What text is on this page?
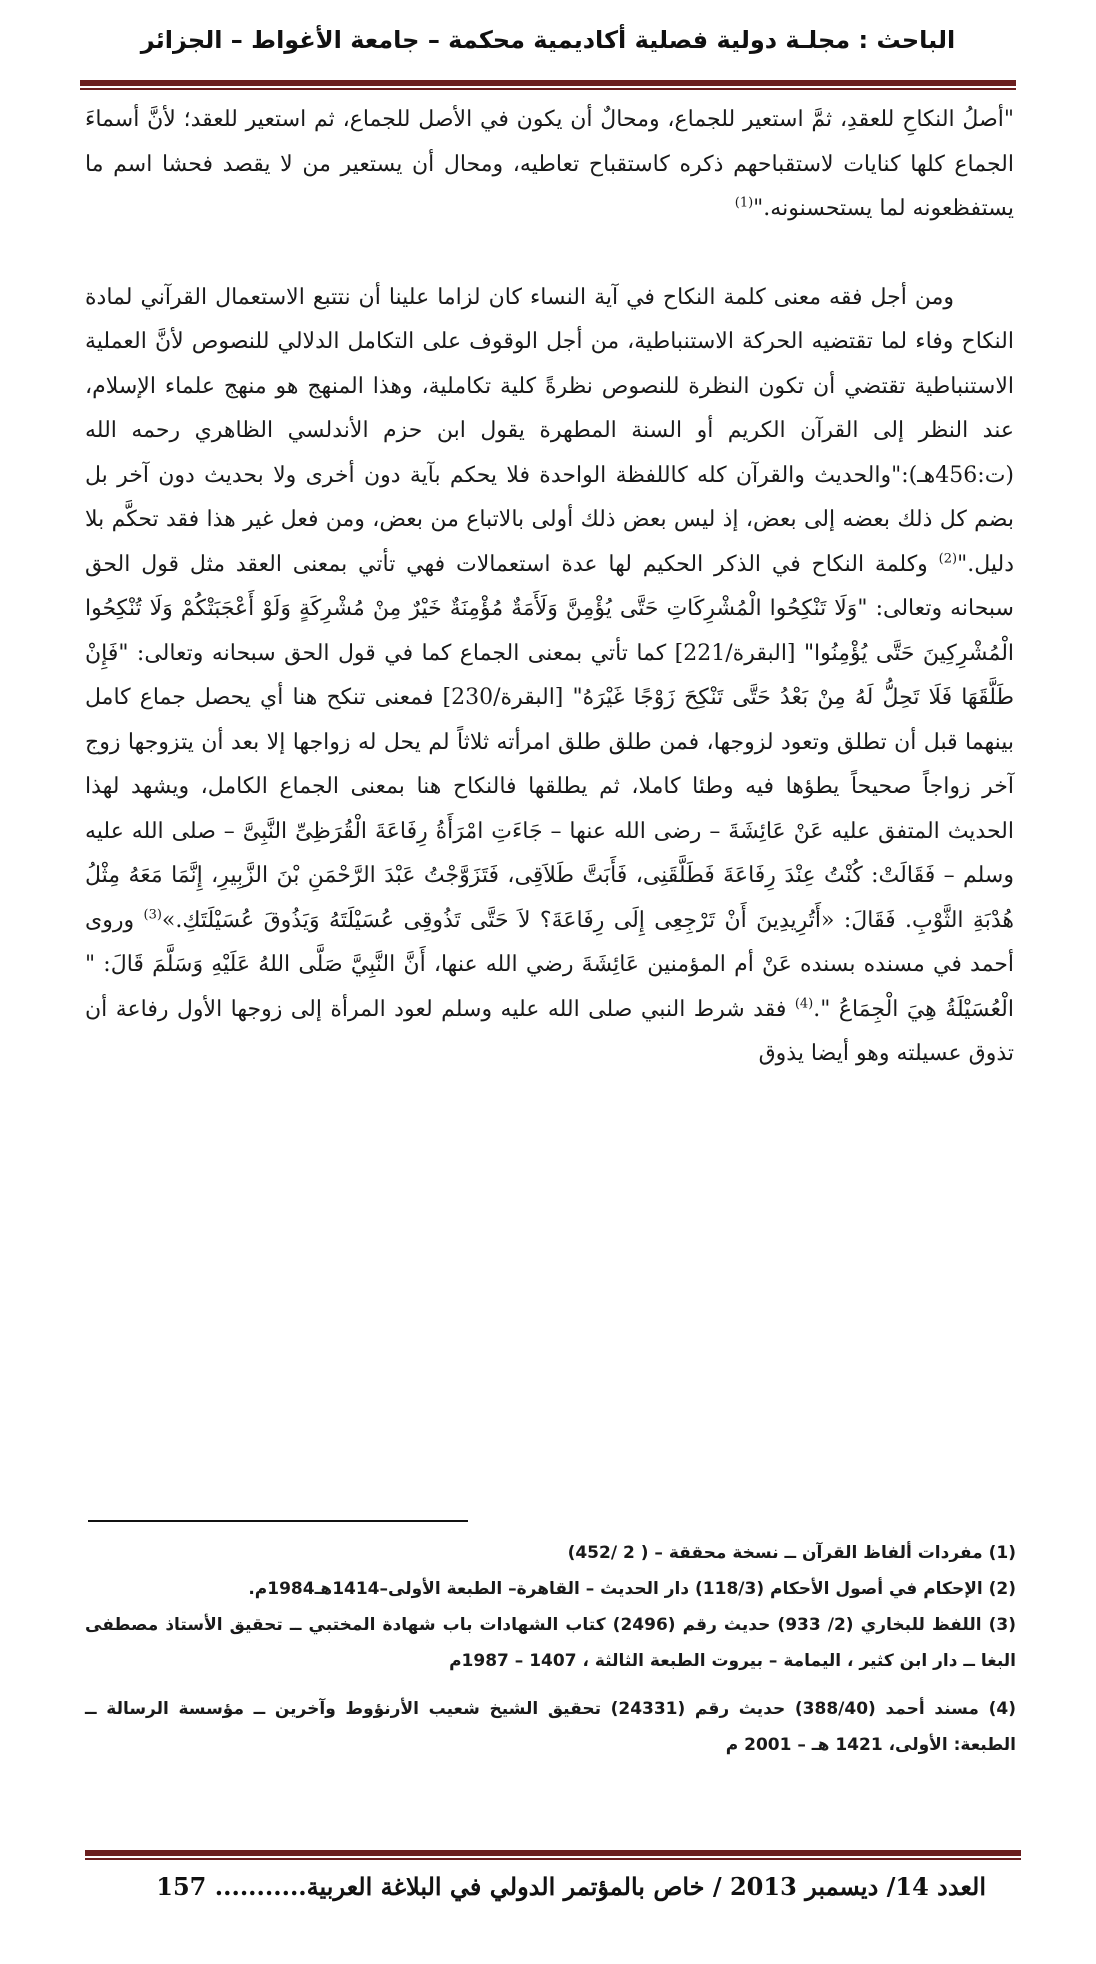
الباحث : مجلـة دولية فصلية أكاديمية محكمة – جامعة الأغواط – الجزائر

"أصلُ النكاحِ للعقدِ، ثمَّ استعير للجماع، ومحالٌ أن يكون في الأصل للجماع، ثم استعير للعقد؛ لأنَّ أسماءَ الجماع كلها كنايات لاستقباحهم ذكره كاستقباح تعاطيه، ومحال أن يستعير من لا يقصد فحشا اسم ما يستفظعونه لما يستحسنونه."$^{(1)}$

ومن أجل فقه معنى كلمة النكاح في آية النساء كان لزاما علينا أن نتتبع الاستعمال القرآني لمادة النكاح وفاء لما تقتضيه الحركة الاستنباطية، من أجل الوقوف على التكامل الدلالي للنصوص لأنَّ العملية الاستنباطية تقتضي أن تكون النظرة للنصوص نظرةً كلية تكاملية، وهذا المنهج هو منهج علماء الإسلام، عند النظر إلى القرآن الكريم أو السنة المطهرة يقول ابن حزم الأندلسي الظاهري رحمه الله (ت:456هـ):"والحديث والقرآن كله كاللفظة الواحدة فلا يحكم بآية دون أخرى ولا بحديث دون آخر بل بضم كل ذلك بعضه إلى بعض، إذ ليس بعض ذلك أولى بالاتباع من بعض، ومن فعل غير هذا فقد تحكَّم بلا دليل."$^{(2)}$ وكلمة النكاح في الذكر الحكيم لها عدة استعمالات فهي تأتي بمعنى العقد مثل قول الحق سبحانه وتعالى: "وَلَا تَنْكِحُوا الْمُشْرِكَاتِ حَتَّى يُؤْمِنَّ وَلَأَمَةٌ مُؤْمِنَةٌ خَيْرٌ مِنْ مُشْرِكَةٍ وَلَوْ أَعْجَبَتْكُمْ وَلَا تُنْكِحُوا الْمُشْرِكِينَ حَتَّى يُؤْمِنُوا" [البقرة/221] كما تأتي بمعنى الجماع كما في قول الحق سبحانه وتعالى: "فَإِنْ طَلَّقَهَا فَلَا تَحِلُّ لَهُ مِنْ بَعْدُ حَتَّى تَنْكِحَ زَوْجًا غَيْرَهُ" [البقرة/230] فمعنى تنكح هنا أي يحصل جماع كامل بينهما قبل أن تطلق وتعود لزوجها، فمن طلق طلق امرأته ثلاثاً لم يحل له زواجها إلا بعد أن يتزوجها زوج آخر زواجاً صحيحاً يطؤها فيه وطئا كاملا، ثم يطلقها فالنكاح هنا بمعنى الجماع الكامل، ويشهد لهذا الحديث المتفق عليه عَنْ عَائِشَةَ – رضى الله عنها – جَاءَتِ امْرَأَةُ رِفَاعَةَ الْقُرَظِىِّ النَّبِىَّ – صلى الله عليه وسلم – فَقَالَتْ: كُنْتُ عِنْدَ رِفَاعَةَ فَطَلَّقَنِى، فَأَبَتَّ طَلاَقِى، فَتَزَوَّجْتُ عَبْدَ الرَّحْمَنِ بْنَ الزَّبِيرِ، إِنَّمَا مَعَهُ مِثْلُ هُدْبَةِ الثَّوْبِ. فَقَالَ: «أَتُرِيدِينَ أَنْ تَرْجِعِى إِلَى رِفَاعَةَ؟ لاَ حَتَّى تَذُوقِى عُسَيْلَتَهُ وَيَذُوقَ عُسَيْلَتَكِ.»$^{(3)}$ وروى أحمد في مسنده بسنده عَنْ أم المؤمنين عَائِشَةَ رضي الله عنها، أَنَّ النَّبِيَّ صَلَّى اللهُ عَلَيْهِ وَسَلَّمَ قَالَ: " الْعُسَيْلَةُ هِيَ الْجِمَاعُ ".$^{(4)}$ فقد شرط النبي صلى الله عليه وسلم لعود المرأة إلى زوجها الأول رفاعة أن تذوق عسيلته وهو أيضا يذوق

(1) مفردات ألفاظ القرآن ــ نسخة محققة – ( 2 /452)

(2) الإحكام في أصول الأحكام (118/3) دار الحديث – القاهرة– الطبعة الأولى–1414هـ1984م.

(3) اللفظ للبخاري (2/ 933) حديث رقم (2496) كتاب الشهادات باب شهادة المختبي ــ تحقيق الأستاذ مصطفى البغا ــ دار ابن كثير ، اليمامة – بيروت الطبعة الثالثة ، 1407 – 1987م

(4) مسند أحمد (388/40) حديث رقم (24331) تحقيق الشيخ شعيب الأرنؤوط وآخرين ــ مؤسسة الرسالة ــ الطبعة: الأولى، 1421 هـ – 2001 م

العدد 14/ ديسمبر 2013 / خاص بالمؤتمر الدولي في البلاغة العربية........... 157
